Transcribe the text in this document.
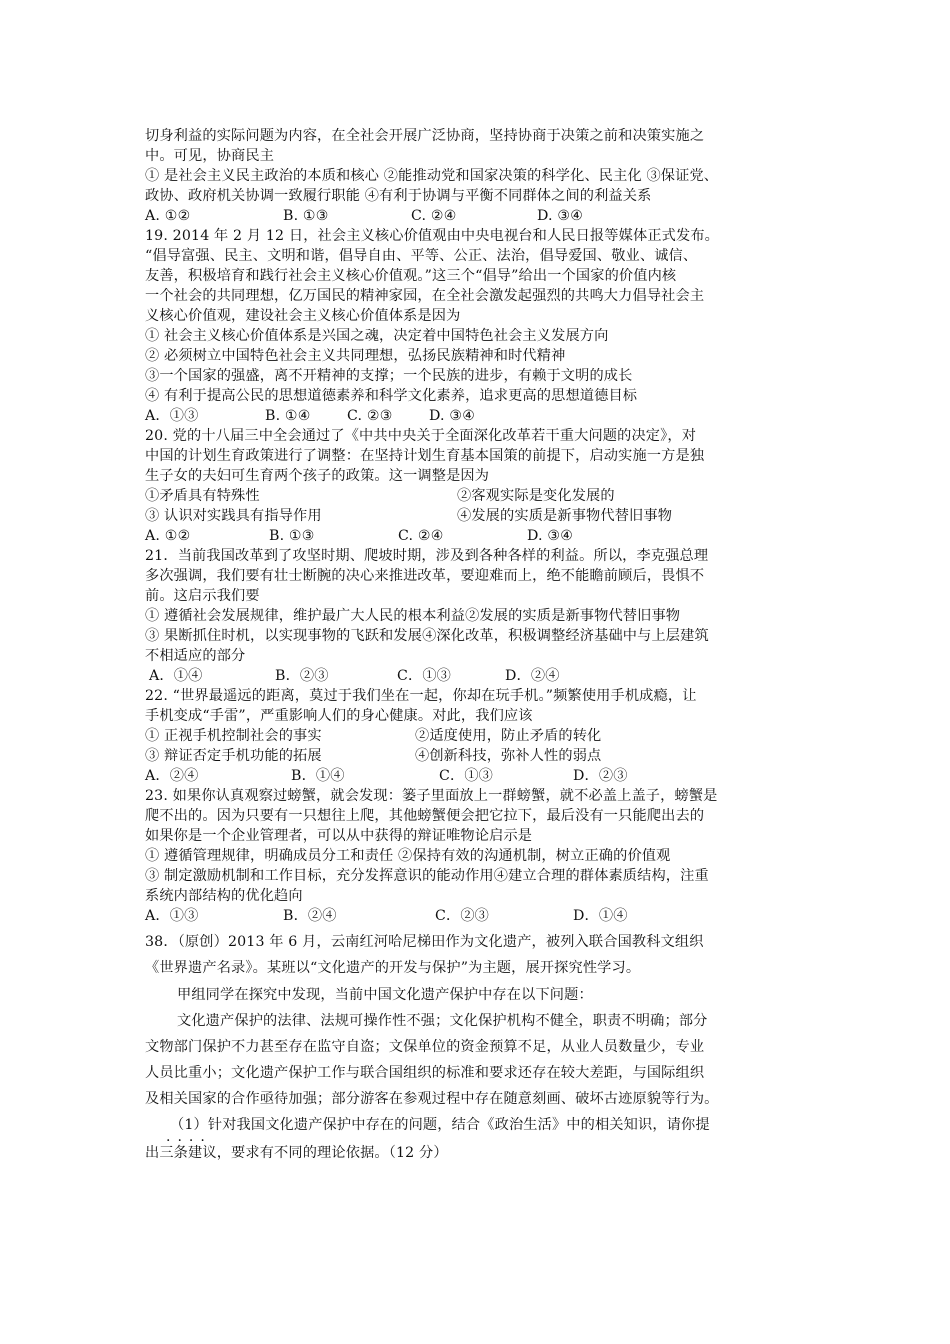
切身利益的实际问题为内容，在全社会开展广泛协商，坚持协商于决策之前和决策实施之
中。可见，协商民主
① 是社会主义民主政治的本质和核心 ②能推动党和国家决策的科学化、民主化 ③保证党、
政协、政府机关协调一致履行职能 ④有利于协调与平衡不同群体之间的利益关系
A. ①②	B. ①③	C. ②④	D. ③④
19. 2014 年 2 月 12 日，社会主义核心价值观由中央电视台和人民日报等媒体正式发布。
“倡导富强、民主、文明和谐，倡导自由、平等、公正、法治，倡导爱国、敬业、诚信、
友善，积极培育和践行社会主义核心价值观。”这三个“倡导”给出一个国家的价值内核
一个社会的共同理想，亿万国民的精神家园，在全社会激发起强烈的共鸣大力倡导社会主
义核心价值观，建设社会主义核心价值体系是因为
① 社会主义核心价值体系是兴国之魂，决定着中国特色社会主义发展方向
② 必须树立中国特色社会主义共同理想，弘扬民族精神和时代精神
③一个国家的强盛，离不开精神的支撑；一个民族的进步，有赖于文明的成长
④ 有利于提高公民的思想道德素养和科学文化素养，追求更高的思想道德目标
A．①③	B. ①④	C. ②③	D. ③④
20. 党的十八届三中全会通过了《中共中央关于全面深化改革若干重大问题的决定》，对
中国的计划生育政策进行了调整：在坚持计划生育基本国策的前提下，启动实施一方是独
生子女的夫妇可生育两个孩子的政策。这一调整是因为
①矛盾具有特殊性	②客观实际是变化发展的
③ 认识对实践具有指导作用	④发展的实质是新事物代替旧事物
A. ①②	B. ①③	C. ②④	D. ③④
21．当前我国改革到了攻坚时期、爬坡时期，涉及到各种各样的利益。所以，李克强总理
多次强调，我们要有壮士断腕的决心来推进改革，要迎难而上，绝不能瞻前顾后，畏惧不
前。这启示我们要
① 遵循社会发展规律，维护最广大人民的根本利益②发展的实质是新事物代替旧事物
③ 果断抓住时机，以实现事物的飞跃和发展④深化改革，积极调整经济基础中与上层建筑
不相适应的部分
A．①④	B．②③	C．①③	D．②④
22. “世界最遥远的距离，莫过于我们坐在一起，你却在玩手机。”频繁使用手机成瘾，让
手机变成“手雷”，严重影响人们的身心健康。对此，我们应该
① 正视手机控制社会的事实	②适度使用，防止矛盾的转化
③ 辩证否定手机功能的拓展	④创新科技，弥补人性的弱点
A．②④	B．①④	C．①③	D．②③
23. 如果你认真观察过螃蟹，就会发现：篓子里面放上一群螃蟹，就不必盖上盖子，螃蟹是
爬不出的。因为只要有一只想往上爬，其他螃蟹便会把它拉下，最后没有一只能爬出去的
如果你是一个企业管理者，可以从中获得的辩证唯物论启示是
① 遵循管理规律，明确成员分工和责任 ②保持有效的沟通机制，树立正确的价值观
③ 制定激励机制和工作目标，充分发挥意识的能动作用④建立合理的群体素质结构，注重
系统内部结构的优化趋向
A．①③	B．②④	C．②③	D．①④
38．（原创）2013 年 6 月，云南红河哈尼梯田作为文化遗产，被列入联合国教科文组织
《世界遗产名录》。某班以“文化遗产的开发与保护”为主题，展开探究性学习。
甲组同学在探究中发现，当前中国文化遗产保护中存在以下问题：
文化遗产保护的法律、法规可操作性不强；文化保护机构不健全，职责不明确；部分
文物部门保护不力甚至存在监守自盗；文保单位的资金预算不足，从业人员数量少，专业
人员比重小；文化遗产保护工作与联合国组织的标准和要求还存在较大差距，与国际组织
及相关国家的合作亟待加强；部分游客在参观过程中存在随意刻画、破坏古迹原貌等行为。
（1）针对我国文化遗产保护中存在的问题，结合《政治生活》中的相关知识，请你提
....
出三条建议，要求有不同的理论依据。（12 分）
